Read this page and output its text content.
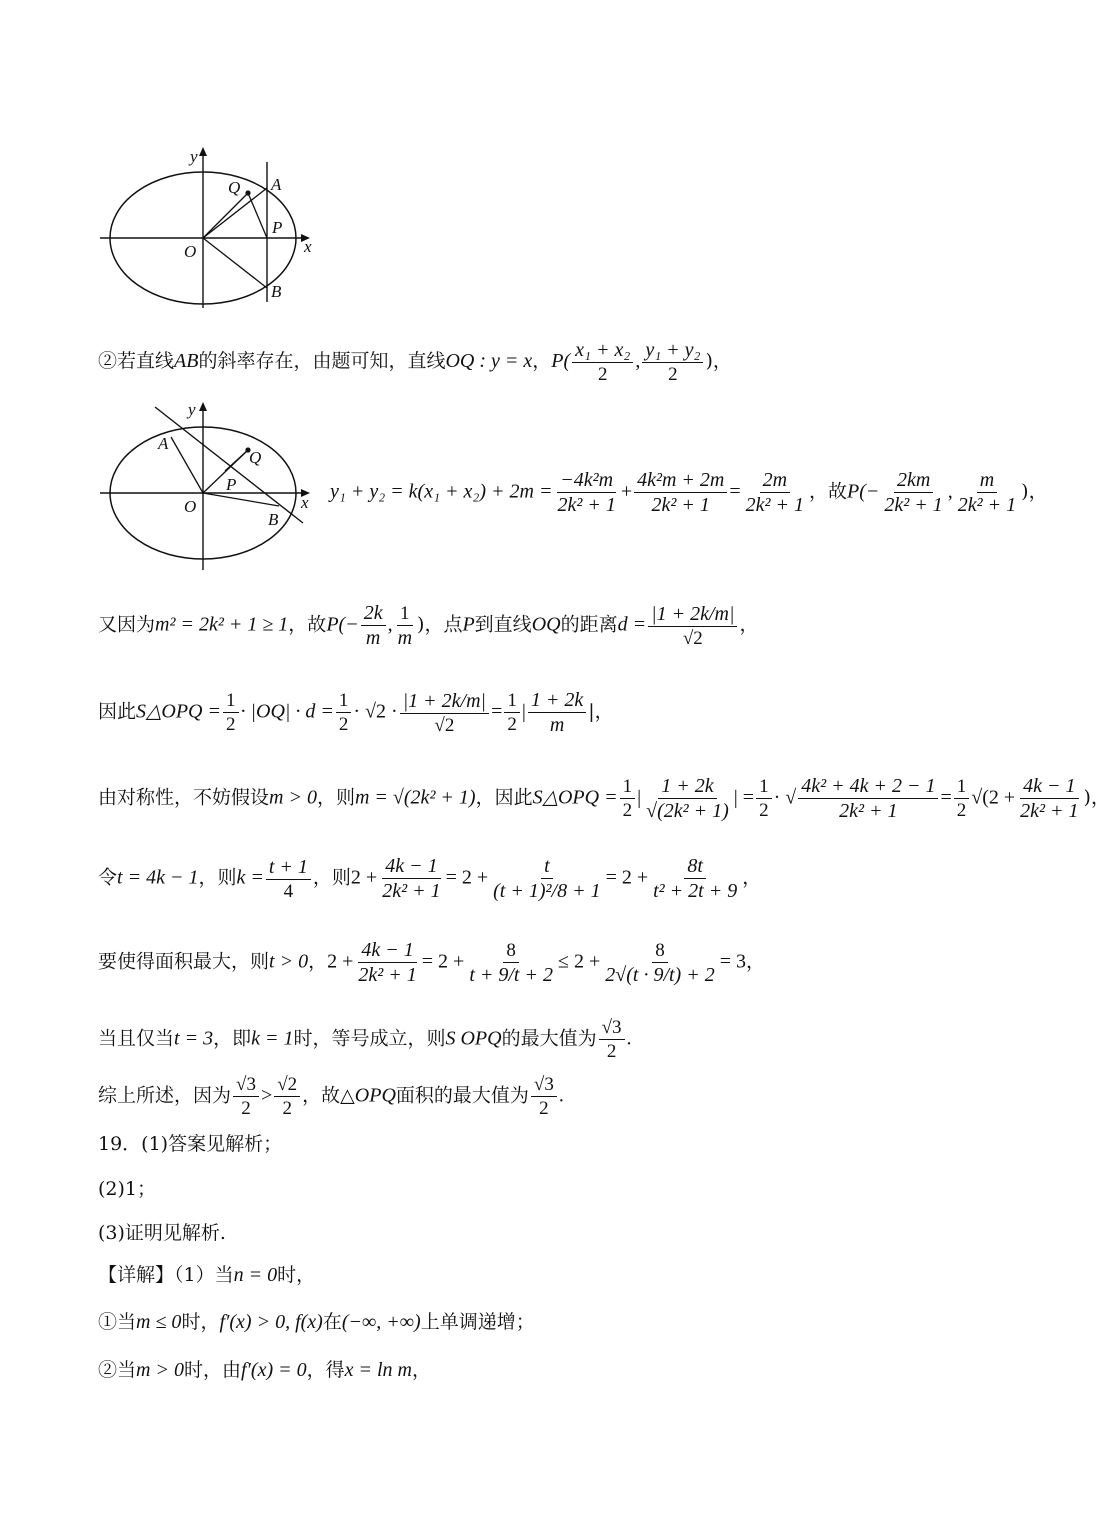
y
x
O
Q A
P
B
②若直线AB的斜率存在，由题可知，直线OQ : y = x，$P( \frac{\text{x₁ + x₂}}{2}$ , $\frac{\text{y₁ + y₂}}{2}$ )，
y
x
O
Q
A
P
B
$y_1 + y_2 = k(x_1 + x_2) + 2m = \frac{\text{−4k²m}}{\text{2k² + 1}} + \frac{\text{4k²m + 2m}}{\text{2k² + 1}} = \frac{2m}{\text{2k² + 1}}$ ，故$P(- \frac{2km}{\text{2k² + 1}}$ , $\frac{m}{\text{2k² + 1}}$ )，
又因为m² = 2k² + 1 ≥ 1，故$P(- \frac{2k}{m}$ , $\frac{1}{m}$ )，点P到直线OQ的距离$d = \frac{|1 + 2k/m|}{√2}$ ，
因此S△OPQ = $\frac{1}{2} \cdot |OQ| \cdot d = \frac{1}{2} \cdot √2 \cdot \frac{|1 + 2k/m|}{√2} = \frac{1}{2}$ | $\frac{1 + 2k}{m}$ |，
由对称性，不妨假设m > 0，则m = √(2k² + 1)，因此S△OPQ = $\frac{1}{2}$ | $\frac{1 + 2k}{\text{√(2k² + 1)}}$ | = $\frac{1}{2}$ · √ $\frac{\text{4k² + 4k + 2 − 1}}{\text{2k² + 1}} = \frac{1}{2} √(2 + \frac{4k - 1}{\text{2k² + 1}}$ )，
令t = 4k − 1，则$k = \frac{t + 1}{4}$ ，则$2 + \frac{4k - 1}{\text{2k² + 1}} = 2 + \frac{t}{\text{(t + 1)²/8 + 1}} = 2 + \frac{8t}{\text{t² + 2t + 9}}$ ，
要使得面积最大，则t > 0，$2 + \frac{4k - 1}{\text{2k² + 1}} = 2 + \frac{8}{t + 9/t + 2} \le 2 + \frac{8}{2√(t \cdot 9/t) + 2} = 3$，
当且仅当t = 3，即k = 1时，等号成立，则S OPQ的最大值为 $\frac{√3}{2}$ .
综上所述，因为 $\frac{√3}{2} > \frac{√2}{2}$ ，故△OPQ面积的最大值为 $\frac{√3}{2}$ .
19．(1)答案见解析；
(2)1；
(3)证明见解析.
【详解】（1）当n = 0时，
①当m ≤ 0时，f′(x) > 0, f(x)在(−∞, +∞)上单调递增；
②当m > 0时，由f′(x) = 0，得x = ln m，
